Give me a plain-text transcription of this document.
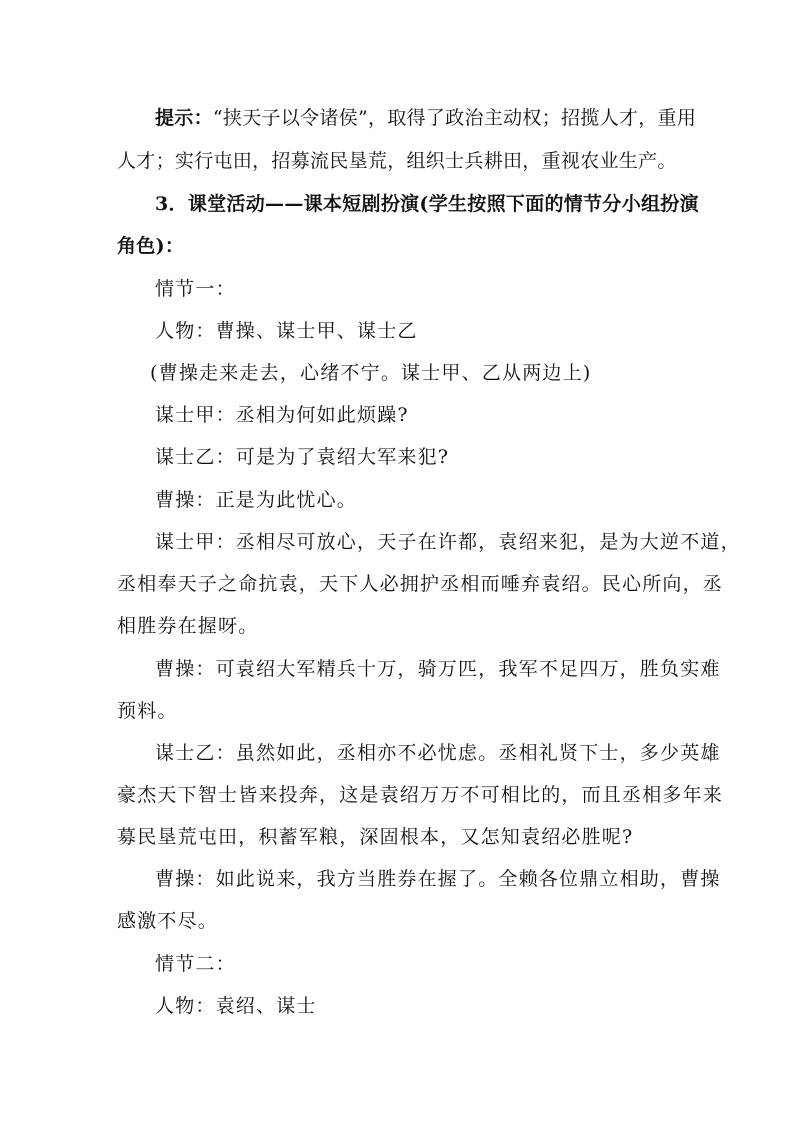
提示：“挟天子以令诸侯”，取得了政治主动权；招揽人才，重用
人才；实行屯田，招募流民垦荒，组织士兵耕田，重视农业生产。
3．课堂活动——课本短剧扮演(学生按照下面的情节分小组扮演
角色)：
情节一：
人物：曹操、谋士甲、谋士乙
(曹操走来走去，心绪不宁。谋士甲、乙从两边上)
谋士甲：丞相为何如此烦躁?
谋士乙：可是为了袁绍大军来犯?
曹操：正是为此忧心。
谋士甲：丞相尽可放心，天子在许都，袁绍来犯，是为大逆不道，
丞相奉天子之命抗袁，天下人必拥护丞相而唾弃袁绍。民心所向，丞
相胜券在握呀。
曹操：可袁绍大军精兵十万，骑万匹，我军不足四万，胜负实难
预料。
谋士乙：虽然如此，丞相亦不必忧虑。丞相礼贤下士，多少英雄
豪杰天下智士皆来投奔，这是袁绍万万不可相比的，而且丞相多年来
募民垦荒屯田，积蓄军粮，深固根本，又怎知袁绍必胜呢?
曹操：如此说来，我方当胜券在握了。全赖各位鼎立相助，曹操
感激不尽。
情节二：
人物：袁绍、谋士
